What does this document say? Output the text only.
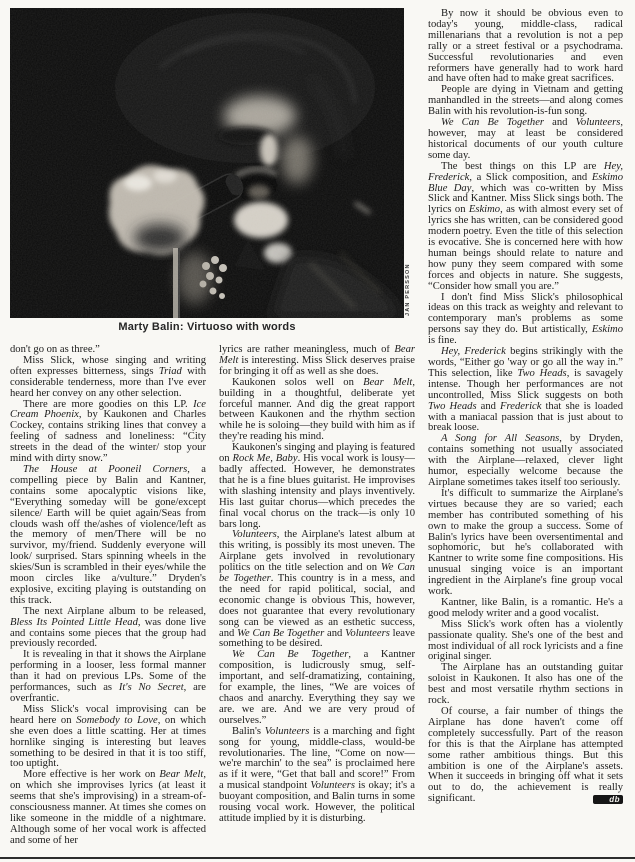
JAN PERSSON
Marty Balin: Virtuoso with words

don't go on as three.”

Miss Slick, whose singing and writing often expresses bitterness, sings Triad with considerable tenderness, more than I've ever heard her convey on any other selection.

There are more goodies on this LP. Ice Cream Phoenix, by Kaukonen and Charles Cockey, contains striking lines that convey a feeling of sadness and loneliness: “City streets in the dead of the winter/ stop your mind with dirty snow.”

The House at Pooneil Corners, a compelling piece by Balin and Kantner, contains some apocalyptic visions like, “Everything someday will be gone/except silence/ Earth will be quiet again/Seas from clouds wash off the/ashes of violence/left as the memory of men/There will be no survivor, my/friend. Suddenly everyone will look/ surprised. Stars spinning wheels in the skies/Sun is scrambled in their eyes/while the moon circles like a/vulture.” Dryden's explosive, exciting playing is outstanding on this track.

The next Airplane album to be released, Bless Its Pointed Little Head, was done live and contains some pieces that the group had previously recorded.

It is revealing in that it shows the Airplane performing in a looser, less formal manner than it had on previous LPs. Some of the performances, such as It's No Secret, are overfrantic.

Miss Slick's vocal improvising can be heard here on Somebody to Love, on which she even does a little scatting. Her at times hornlike singing is interesting but leaves something to be desired in that it is too stiff, too uptight.

More effective is her work on Bear Melt, on which she improvises lyrics (at least it seems that she's improvising) in a stream-of-consciousness manner. At times she comes on like someone in the middle of a nightmare. Although some of her vocal work is affected and some of her

lyrics are rather meaningless, much of Bear Melt is interesting. Miss Slick deserves praise for bringing it off as well as she does.

Kaukonen solos well on Bear Melt, building in a thoughtful, deliberate yet forceful manner. And dig the great rapport between Kaukonen and the rhythm section while he is soloing—they build with him as if they're reading his mind.

Kaukonen's singing and playing is featured on Rock Me, Baby. His vocal work is lousy—badly affected. However, he demonstrates that he is a fine blues guitarist. He improvises with slashing intensity and plays inventively. His last guitar chorus—which precedes the final vocal chorus on the track—is only 10 bars long.

Volunteers, the Airplane's latest album at this writing, is possibly its most uneven. The Airplane gets involved in revolutionary politics on the title selection and on We Can be Together. This country is in a mess, and the need for rapid political, social, and economic change is obvious This, however, does not guarantee that every revolutionary song can be viewed as an esthetic success, and We Can Be Together and Volunteers leave something to be desired.

We Can Be Together, a Kantner composition, is ludicrously smug, self-important, and self-dramatizing, containing, for example, the lines, “We are voices of chaos and anarchy. Everything they say we are. we are. And we are very proud of ourselves.”

Balin's Volunteers is a marching and fight song for young, middle-class, would-be revolutionaries. The line, “Come on now—we're marchin' to the sea” is proclaimed here as if it were, “Get that ball and score!” From a musical standpoint Volunteers is okay; it's a buoyant composition, and Balin turns in some rousing vocal work. However, the political attitude implied by it is disturbing.

By now it should be obvious even to today's young, middle-class, radical millenarians that a revolution is not a pep rally or a street festival or a psychodrama. Successful revolutionaries and even reformers have generally had to work hard and have often had to make great sacrifices.

People are dying in Vietnam and getting manhandled in the streets—and along comes Balin with his revolution-is-fun song.

We Can Be Together and Volunteers, however, may at least be considered historical documents of our youth culture some day.

The best things on this LP are Hey, Frederick, a Slick composition, and Eskimo Blue Day, which was co-written by Miss Slick and Kantner. Miss Slick sings both. The lyrics on Eskimo, as with almost every set of lyrics she has written, can be considered good modern poetry. Even the title of this selection is evocative. She is concerned here with how human beings should relate to nature and how puny they seem compared with some forces and objects in nature. She suggests, “Consider how small you are.”

I don't find Miss Slick's philosophical ideas on this track as weighty and relevant to contemporary man's problems as some persons say they do. But artistically, Eskimo is fine.

Hey, Frederick begins strikingly with the words, “Either go 'way or go all the way in.” This selection, like Two Heads, is savagely intense. Though her performances are not uncontrolled, Miss Slick suggests on both Two Heads and Frederick that she is loaded with a maniacal passion that is just about to break loose.

A Song for All Seasons, by Dryden, contains something not usually associated with the Airplane—relaxed, clever light humor, especially welcome because the Airplane sometimes takes itself too seriously.

It's difficult to summarize the Airplane's virtues because they are so varied; each member has contributed something of his own to make the group a success. Some of Balin's lyrics have been oversentimental and sophomoric, but he's collaborated with Kantner to write some fine compositions. His unusual singing voice is an important ingredient in the Airplane's fine group vocal work.

Kantner, like Balin, is a romantic. He's a good melody writer and a good vocalist.

Miss Slick's work often has a violently passionate quality. She's one of the best and most individual of all rock lyricists and a fine original singer.

The Airplane has an outstanding guitar soloist in Kaukonen. It also has one of the best and most versatile rhythm sections in rock.

Of course, a fair number of things the Airplane has done haven't come off completely successfully. Part of the reason for this is that the Airplane has attempted some rather ambitious things. But this ambition is one of the Airplane's assets. When it succeeds in bringing off what it sets out to do, the achievement is really significant.	db
